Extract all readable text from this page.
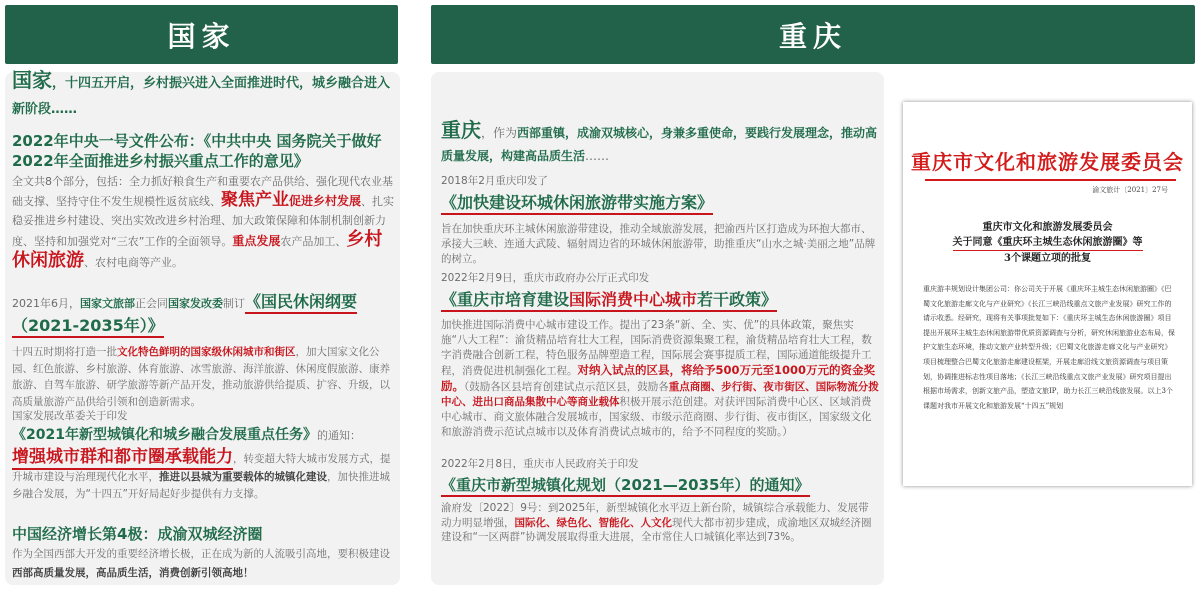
国家
国家，十四五开启，乡村振兴进入全面推进时代，城乡融合进入新阶段……
2022年中央一号文件公布：《中共中央 国务院关于做好2022年全面推进乡村振兴重点工作的意见》
全文共8个部分，包括：全力抓好粮食生产和重要农产品供给、强化现代农业基础支撑、坚持守住不发生规模性返贫底线、聚焦产业促进乡村发展、扎实稳妥推进乡村建设、突出实效改进乡村治理、加大政策保障和体制机制创新力度、坚持和加强党对“三农”工作的全面领导。重点发展农产品加工、乡村休闲旅游、农村电商等产业。
2021年6月，国家文旅部正会同国家发改委制订《国民休闲纲要（2021-2035年）》
十四五时期将打造一批文化特色鲜明的国家级休闲城市和街区，加大国家文化公园、红色旅游、乡村旅游、体育旅游、冰雪旅游、海洋旅游、休闲度假旅游、康养旅游、自驾车旅游、研学旅游等新产品开发，推动旅游供给提质、扩容、升级，以高质量旅游产品供给引领和创造新需求。
国家发展改革委关于印发
《2021年新型城镇化和城乡融合发展重点任务》的通知：
增强城市群和都市圈承载能力，转变超大特大城市发展方式，提升城市建设与治理现代化水平，推进以县城为重要载体的城镇化建设，加快推进城乡融合发展，为“十四五”开好局起好步提供有力支撑。
中国经济增长第4极：成渝双城经济圈
作为全国西部大开发的重要经济增长极，正在成为新的人流吸引高地，要积极建设西部高质量发展，高品质生活，消费创新引领高地！
重庆
重庆，作为西部重镇，成渝双城核心，身兼多重使命，要践行发展理念，推动高质量发展，构建高品质生活……
2018年2月重庆印发了
《加快建设环城休闲旅游带实施方案》
旨在加快重庆环主城休闲旅游带建设，推动全域旅游发展，把渝西片区打造成为环抱大都市、承接大三峡、连通大武陵、辐射周边省的环城休闲旅游带，助推重庆“山水之城·美丽之地”品牌的树立。
2022年2月9日，重庆市政府办公厅正式印发
《重庆市培育建设国际消费中心城市若干政策》
加快推进国际消费中心城市建设工作。提出了23条“新、全、实、优”的具体政策，聚焦实施“八大工程”：渝货精品培育壮大工程，国际消费资源集聚工程，渝货精品培育壮大工程，数字消费融合创新工程，特色服务品牌塑造工程，国际展会赛事提质工程，国际通道能级提升工程，消费促进机制强化工程。对纳入试点的区县，将给予500万元至1000万元的资金奖励。（鼓励各区县培育创建试点示范区县，鼓励各重点商圈、步行街、夜市街区、国际物流分拨中心、进出口商品集散中心等商业载体积极开展示范创建。对获评国际消费中心区、区域消费中心城市、商文旅体融合发展城市，国家级、市级示范商圈、步行街、夜市街区，国家级文化和旅游消费示范试点城市以及体育消费试点城市的，给予不同程度的奖励。）
2022年2月8日，重庆市人民政府关于印发
《重庆市新型城镇化规划（2021—2035年）的通知》
渝府发〔2022〕9号：到2025年，新型城镇化水平迈上新台阶，城镇综合承载能力、发展带动力明显增强，国际化、绿色化、智能化、人文化现代大都市初步建成，成渝地区双城经济圈建设和“一区两群”协调发展取得重大进展，全市常住人口城镇化率达到73%。
重庆市文化和旅游发展委员会
渝文旅计〔2021〕27号
重庆市文化和旅游发展委员会
关于同意《重庆环主城生态休闲旅游圈》等
3个课题立项的批复
重庆游丰规划设计集团公司：你公司关于开展《重庆环主城生态休闲旅游圈》《巴蜀文化旅游走廊文化与产业研究》《长江三峡沿线重点文旅产业发展》研究工作的请示收悉。经研究，现将有关事项批复如下：《重庆环主城生态休闲旅游圈》项目提出开展环主城生态休闲旅游带优质资源调查与分析，研究休闲旅游业态布局，保护文旅生态环境，推动文旅产业转型升级；《巴蜀文化旅游走廊文化与产业研究》项目梳理整合巴蜀文化旅游走廊建设框架，开展走廊沿线文旅资源调查与项目策划，协调推进标志性项目落地；《长江三峡沿线重点文旅产业发展》研究项目提出根据市场需求，创新文旅产品，塑造文旅IP，助力长江三峡沿线旅发展。以上3个课题对我市开展文化和旅游发展“十四五”规划
